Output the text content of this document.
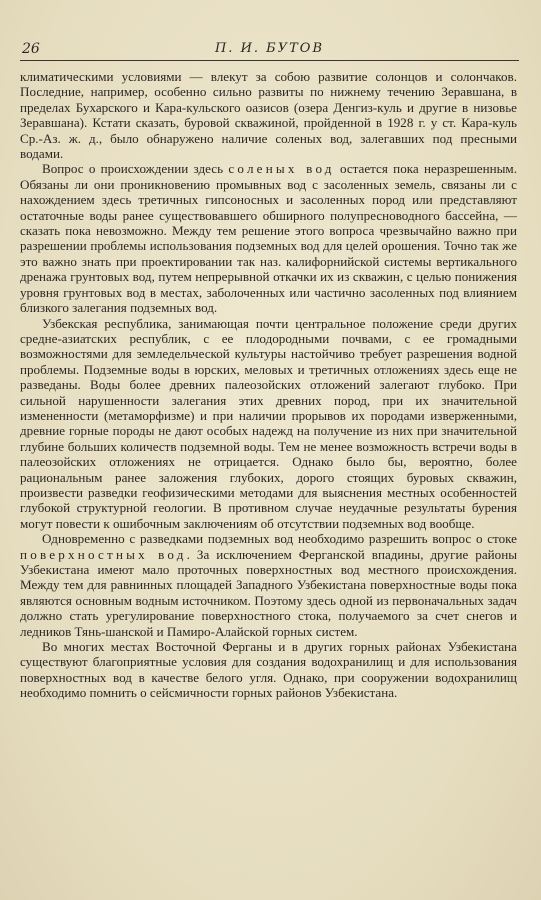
26	П. И. БУТОВ

климатическими условиями — влекут за собою развитие солонцов и солончаков. Последние, например, особенно сильно развиты по нижнему течению Зеравшана, в пределах Бухарского и Кара-кульского оазисов (озера Денгиз-куль и другие в низовье Зеравшана). Кстати сказать, буровой скважиной, пройденной в 1928 г. у ст. Кара-куль Ср.-Аз. ж. д., было обнаружено наличие соленых вод, залегавших под пресными водами.

Вопрос о происхождении здесь соленых вод остается пока неразрешенным. Обязаны ли они проникновению промывных вод с засоленных земель, связаны ли с нахождением здесь третичных гипсоносных и засоленных пород или представляют остаточные воды ранее существовавшего обширного полупресноводного бассейна, — сказать пока невозможно. Между тем решение этого вопроса чрезвычайно важно при разрешении проблемы использования подземных вод для целей орошения. Точно так же это важно знать при проектировании так наз. калифорнийской системы вертикального дренажа грунтовых вод, путем непрерывной откачки их из скважин, с целью понижения уровня грунтовых вод в местах, заболоченных или частично засоленных под влиянием близкого залегания подземных вод.

Узбекская республика, занимающая почти центральное положение среди других средне-азиатских республик, с ее плодородными почвами, с ее громадными возможностями для земледельческой культуры настойчиво требует разрешения водной проблемы. Подземные воды в юрских, меловых и третичных отложениях здесь еще не разведаны. Воды более древних палеозойских отложений залегают глубоко. При сильной нарушенности залегания этих древних пород, при их значительной измененности (метаморфизме) и при наличии прорывов их породами изверженными, древние горные породы не дают особых надежд на получение из них при значительной глубине больших количеств подземной воды. Тем не менее возможность встречи воды в палеозойских отложениях не отрицается. Однако было бы, вероятно, более рациональным ранее заложения глубоких, дорого стоящих буровых скважин, произвести разведки геофизическими методами для выяснения местных особенностей глубокой структурной геологии. В противном случае неудачные результаты бурения могут повести к ошибочным заключениям об отсутствии подземных вод вообще.

Одновременно с разведками подземных вод необходимо разрешить вопрос о стоке поверхностных вод. За исключением Ферганской впадины, другие районы Узбекистана имеют мало проточных поверхностных вод местного происхождения. Между тем для равнинных площадей Западного Узбекистана поверхностные воды пока являются основным водным источником. Поэтому здесь одной из первоначальных задач должно стать урегулирование поверхностного стока, получаемого за счет снегов и ледников Тянь-шанской и Памиро-Алайской горных систем.

Во многих местах Восточной Ферганы и в других горных районах Узбекистана существуют благоприятные условия для создания водохранилищ и для использования поверхностных вод в качестве белого угля. Однако, при сооружении водохранилищ необходимо помнить о сейсмичности горных районов Узбекистана.
